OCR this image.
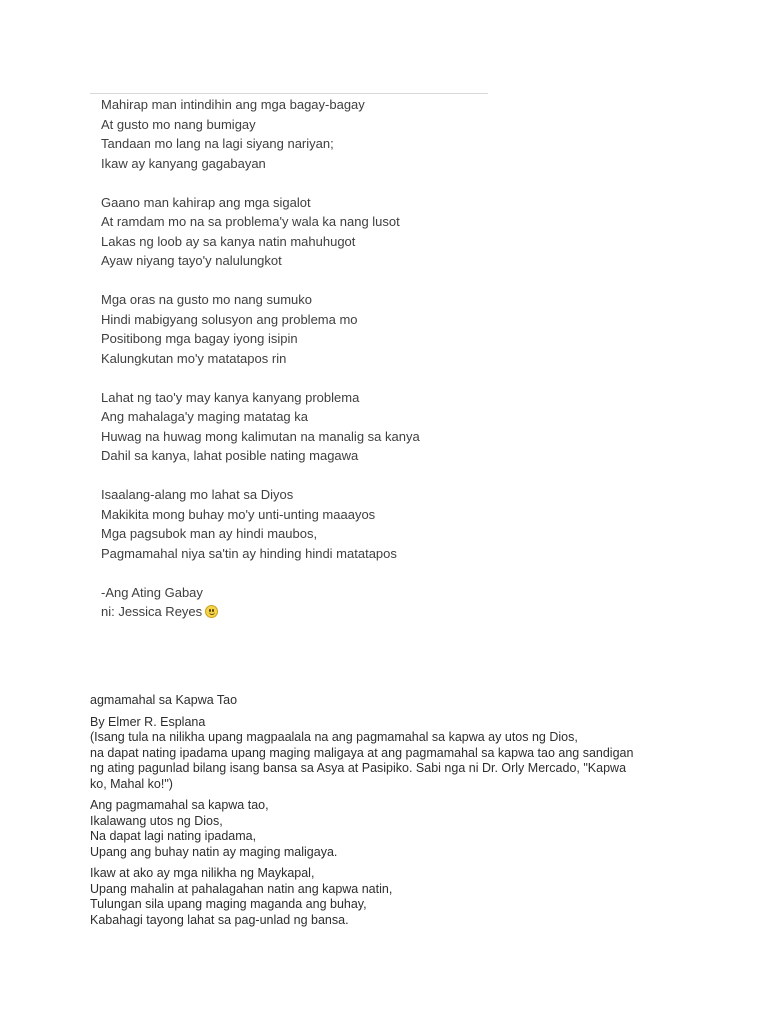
Mahirap man intindihin ang mga bagay-bagay
At gusto mo nang bumigay
Tandaan mo lang na lagi siyang nariyan;
Ikaw ay kanyang gagabayan
Gaano man kahirap ang mga sigalot
At ramdam mo na sa problema'y wala ka nang lusot
Lakas ng loob ay sa kanya natin mahuhugot
Ayaw niyang tayo'y nalulungkot
Mga oras na gusto mo nang sumuko
Hindi mabigyang solusyon ang problema mo
Positibong mga bagay iyong isipin
Kalungkutan mo'y matatapos rin
Lahat ng tao'y may kanya kanyang problema
Ang mahalaga'y maging matatag ka
Huwag na huwag mong kalimutan na manalig sa kanya
Dahil sa kanya, lahat posible nating magawa
Isaalang-alang mo lahat sa Diyos
Makikita mong buhay mo'y unti-unting maaayos
Mga pagsubok man ay hindi maubos,
Pagmamahal niya sa'tin ay hinding hindi matatapos
-Ang Ating Gabay
ni: Jessica Reyes
agmamahal sa Kapwa Tao
By Elmer R. Esplana
(Isang tula na nilikha upang magpaalala na ang pagmamahal sa kapwa ay utos ng Dios,
na dapat nating ipadama upang maging maligaya at ang pagmamahal sa kapwa tao ang sandigan
ng ating pagunlad bilang isang bansa sa Asya at Pasipiko. Sabi nga ni Dr. Orly Mercado, "Kapwa
ko, Mahal ko!")
Ang pagmamahal sa kapwa tao,
Ikalawang utos ng Dios,
Na dapat lagi nating ipadama,
Upang ang buhay natin ay maging maligaya.
Ikaw at ako ay mga nilikha ng Maykapal,
Upang mahalin at pahalagahan natin ang kapwa natin,
Tulungan sila upang maging maganda ang buhay,
Kabahagi tayong lahat sa pag-unlad ng bansa.
